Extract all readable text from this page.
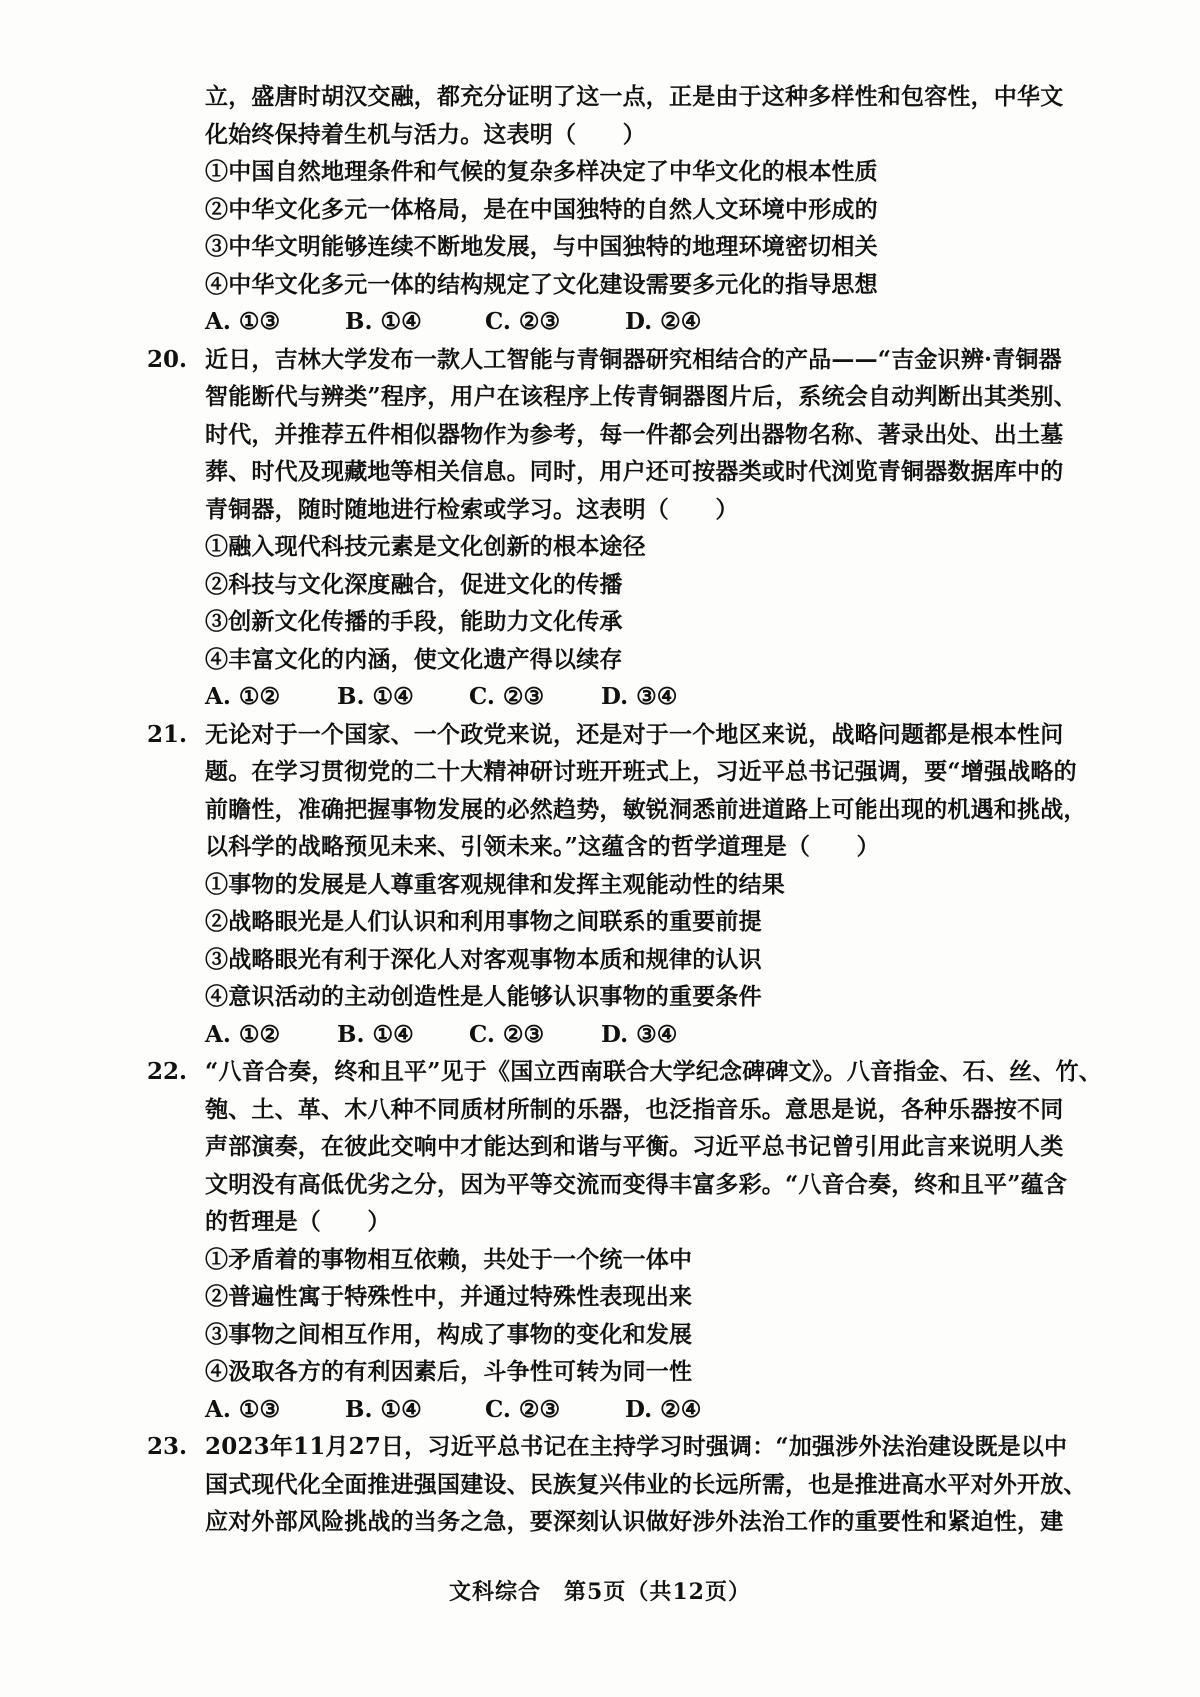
立，盛唐时胡汉交融，都充分证明了这一点，正是由于这种多样性和包容性，中华文
化始终保持着生机与活力。这表明（　　）
①中国自然地理条件和气候的复杂多样决定了中华文化的根本性质
②中华文化多元一体格局，是在中国独特的自然人文环境中形成的
③中华文明能够连续不断地发展，与中国独特的地理环境密切相关
④中华文化多元一体的结构规定了文化建设需要多元化的指导思想
A. ①③	B. ①④	C. ②③	D. ②④
20. 近日，吉林大学发布一款人工智能与青铜器研究相结合的产品——“吉金识辨·青铜器
智能断代与辨类”程序，用户在该程序上传青铜器图片后，系统会自动判断出其类别、
时代，并推荐五件相似器物作为参考，每一件都会列出器物名称、著录出处、出土墓
葬、时代及现藏地等相关信息。同时，用户还可按器类或时代浏览青铜器数据库中的
青铜器，随时随地进行检索或学习。这表明（　　）
①融入现代科技元素是文化创新的根本途径
②科技与文化深度融合，促进文化的传播
③创新文化传播的手段，能助力文化传承
④丰富文化的内涵，使文化遗产得以续存
A. ①②	B. ①④	C. ②③	D. ③④
21. 无论对于一个国家、一个政党来说，还是对于一个地区来说，战略问题都是根本性问
题。在学习贯彻党的二十大精神研讨班开班式上，习近平总书记强调，要“增强战略的
前瞻性，准确把握事物发展的必然趋势，敏锐洞悉前进道路上可能出现的机遇和挑战，
以科学的战略预见未来、引领未来。”这蕴含的哲学道理是（　　）
①事物的发展是人尊重客观规律和发挥主观能动性的结果
②战略眼光是人们认识和利用事物之间联系的重要前提
③战略眼光有利于深化人对客观事物本质和规律的认识
④意识活动的主动创造性是人能够认识事物的重要条件
A. ①②	B. ①④	C. ②③	D. ③④
22. “八音合奏，终和且平”见于《国立西南联合大学纪念碑碑文》。八音指金、石、丝、竹、
匏、土、革、木八种不同质材所制的乐器，也泛指音乐。意思是说，各种乐器按不同
声部演奏，在彼此交响中才能达到和谐与平衡。习近平总书记曾引用此言来说明人类
文明没有高低优劣之分，因为平等交流而变得丰富多彩。“八音合奏，终和且平”蕴含
的哲理是（　　）
①矛盾着的事物相互依赖，共处于一个统一体中
②普遍性寓于特殊性中，并通过特殊性表现出来
③事物之间相互作用，构成了事物的变化和发展
④汲取各方的有利因素后，斗争性可转为同一性
A. ①③	B. ①④	C. ②③	D. ②④
23. 2023年11月27日，习近平总书记在主持学习时强调：“加强涉外法治建设既是以中
国式现代化全面推进强国建设、民族复兴伟业的长远所需，也是推进高水平对外开放、
应对外部风险挑战的当务之急，要深刻认识做好涉外法治工作的重要性和紧迫性，建
文科综合　第5页（共12页）
